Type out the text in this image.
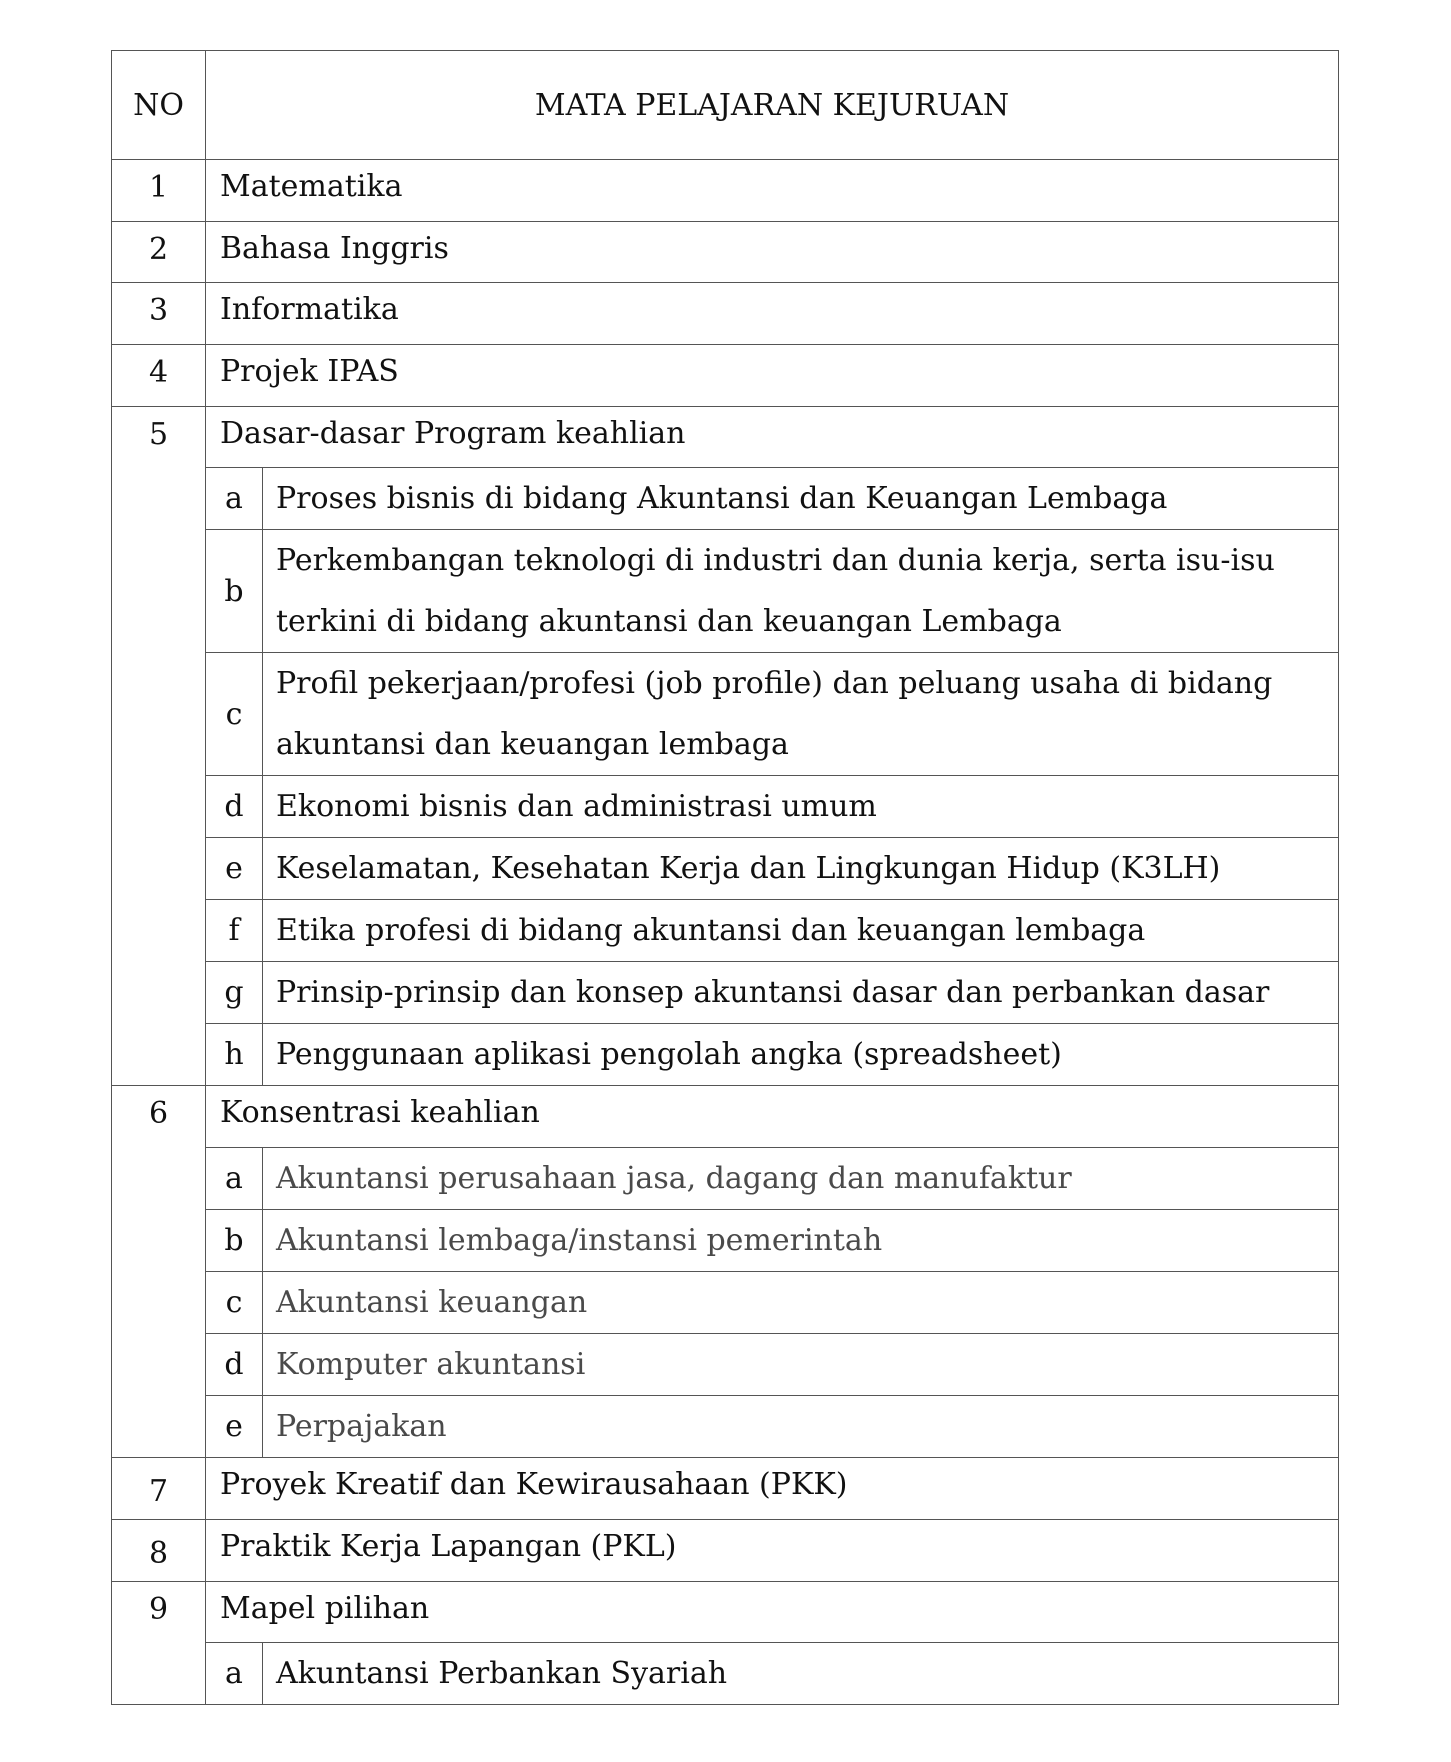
NO	MATA PELAJARAN KEJURUAN	

1	Matematika	

2	Bahasa Inggris	

3	Informatika	

4	Projek IPAS	

5	Dasar-dasar Program keahlian	

	a	Proses bisnis di bidang Akuntansi dan Keuangan Lembaga
	b	Perkembangan teknologi di industri dan dunia kerja, serta isu-isu terkini di bidang akuntansi dan keuangan Lembaga
	c	Profil pekerjaan/profesi (job profile) dan peluang usaha di bidang akuntansi dan keuangan lembaga
	d	Ekonomi bisnis dan administrasi umum
	e	Keselamatan, Kesehatan Kerja dan Lingkungan Hidup (K3LH)
	f	Etika profesi di bidang akuntansi dan keuangan lembaga
	g	Prinsip-prinsip dan konsep akuntansi dasar dan perbankan dasar
	h	Penggunaan aplikasi pengolah angka (spreadsheet)

6	Konsentrasi keahlian	

	a	Akuntansi perusahaan jasa, dagang dan manufaktur
	b	Akuntansi lembaga/instansi pemerintah
	c	Akuntansi keuangan
	d	Komputer akuntansi
	e	Perpajakan

7	Proyek Kreatif dan Kewirausahaan (PKK)	

8	Praktik Kerja Lapangan (PKL)	

9	Mapel pilihan	

	a	Akuntansi Perbankan Syariah
